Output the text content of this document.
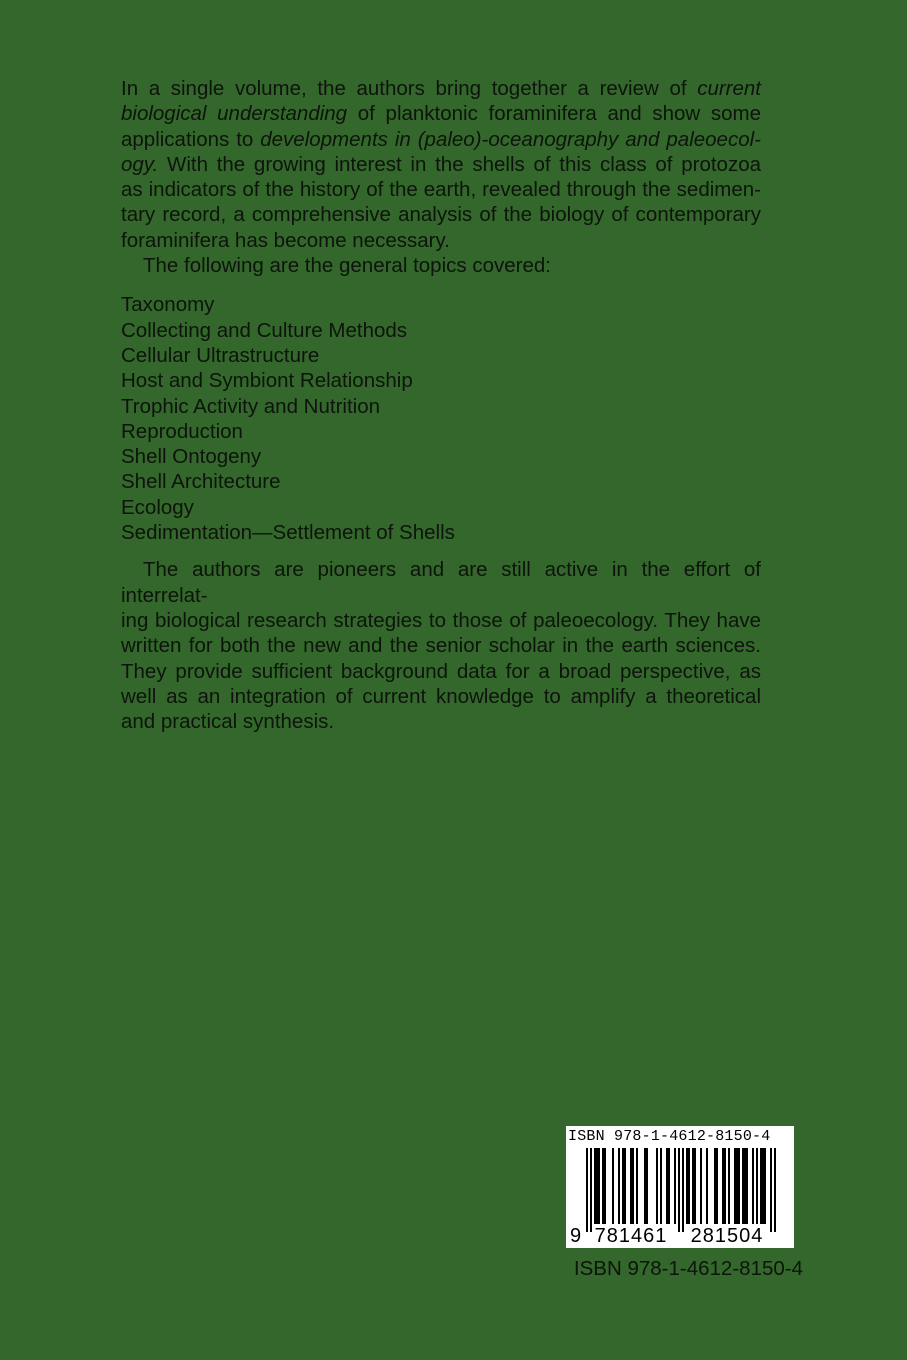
In a single volume, the authors bring together a review of current
biological understanding of planktonic foraminifera and show some
applications to developments in (paleo)-oceanography and paleoecol-
ogy. With the growing interest in the shells of this class of protozoa
as indicators of the history of the earth, revealed through the sedimen-
tary record, a comprehensive analysis of the biology of contemporary
foraminifera has become necessary.

The following are the general topics covered:

Taxonomy
Collecting and Culture Methods
Cellular Ultrastructure
Host and Symbiont Relationship
Trophic Activity and Nutrition
Reproduction
Shell Ontogeny
Shell Architecture
Ecology
Sedimentation—Settlement of Shells

The authors are pioneers and are still active in the effort of interrelat-
ing biological research strategies to those of paleoecology. They have
written for both the new and the senior scholar in the earth sciences.
They provide sufficient background data for a broad perspective, as
well as an integration of current knowledge to amplify a theoretical
and practical synthesis.

ISBN 978-1-4612-8150-4
9 781461	281504
ISBN 978-1-4612-8150-4
